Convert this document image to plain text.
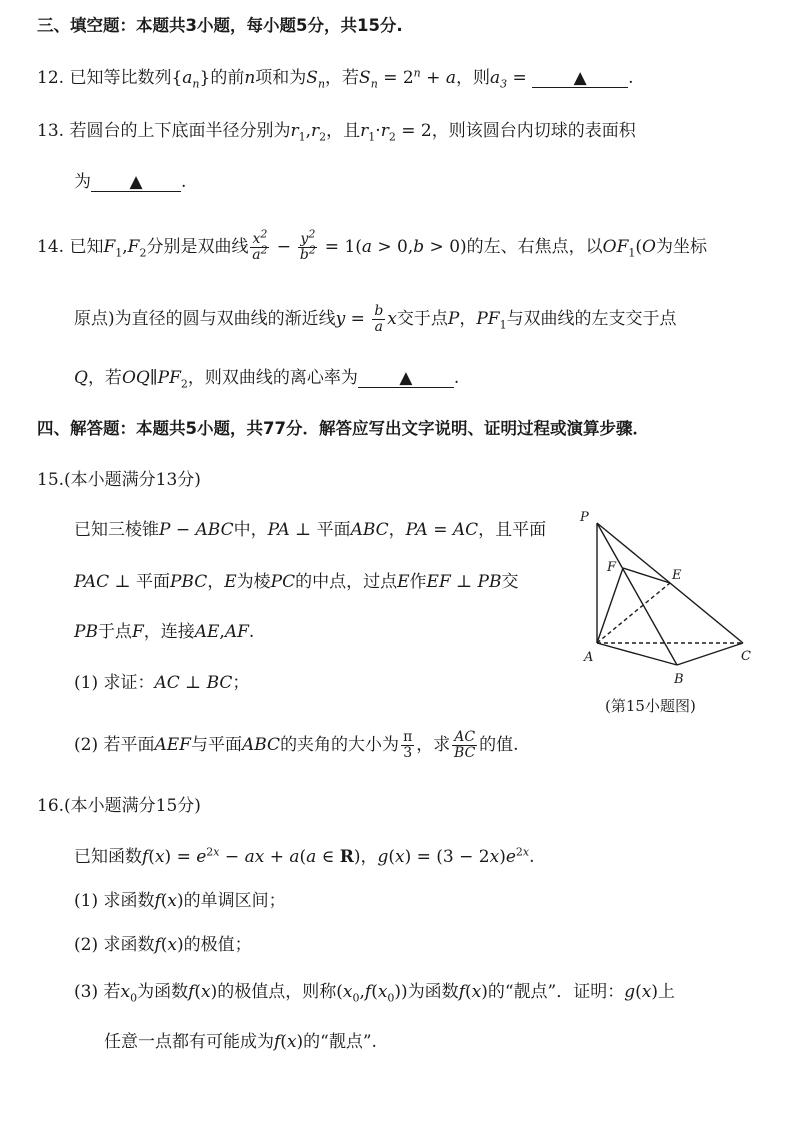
三、填空题：本题共3小题，每小题5分，共15分.
12. 已知等比数列$\{a_n\}$的前n项和为$S_n$，若$S_n = 2^n + a$，则$a_3$ = ▲ .
13. 若圆台的上下底面半径分别为$r_1,r_2$，且$r_1\cdot r_2 = 2$，则该圆台内切球的表面积
为 ▲ .
14. 已知$F_1,F_2$分别是双曲线 $\frac{x^2}{a^2} - \frac{y^2}{b^2} = 1(a > 0,b > 0)$的左、右焦点，以$OF_1(O$为坐标
原点)为直径的圆与双曲线的渐近线$y = \frac{b}{a}$ x交于点P，$PF_1$与双曲线的左支交于点
Q，若$OQ\parallel PF_2$，则双曲线的离心率为 ▲ .
四、解答题：本题共5小题，共77分．解答应写出文字说明、证明过程或演算步骤．
15.(本小题满分13分)
已知三棱锥P − ABC中，PA ⊥ 平面ABC，PA = AC，且平面
PAC ⊥ 平面PBC，E为棱PC的中点，过点E作EF ⊥ PB交
PB于点F，连接AE,AF.
(1) 求证：AC ⊥ BC；
(2) 若平面AEF与平面ABC的夹角的大小为 $\frac{\pi}{3}$ ，求 $\frac{AC}{BC}$ 的值.
P
F
E
A
B
C
(第15小题图)
16.(本小题满分15分)
已知函数$f(x) = e^{2x}$ − ax + a(a ∈ R)，$g(x) = (3 - 2x)e^{2x}$.
(1) 求函数f(x)的单调区间；
(2) 求函数f(x)的极值；
(3) 若$x_0$为函数f(x)的极值点，则称$(x_0,f(x_0))$为函数f(x)的“靓点”．证明：g(x)上
任意一点都有可能成为f(x)的“靓点”.
